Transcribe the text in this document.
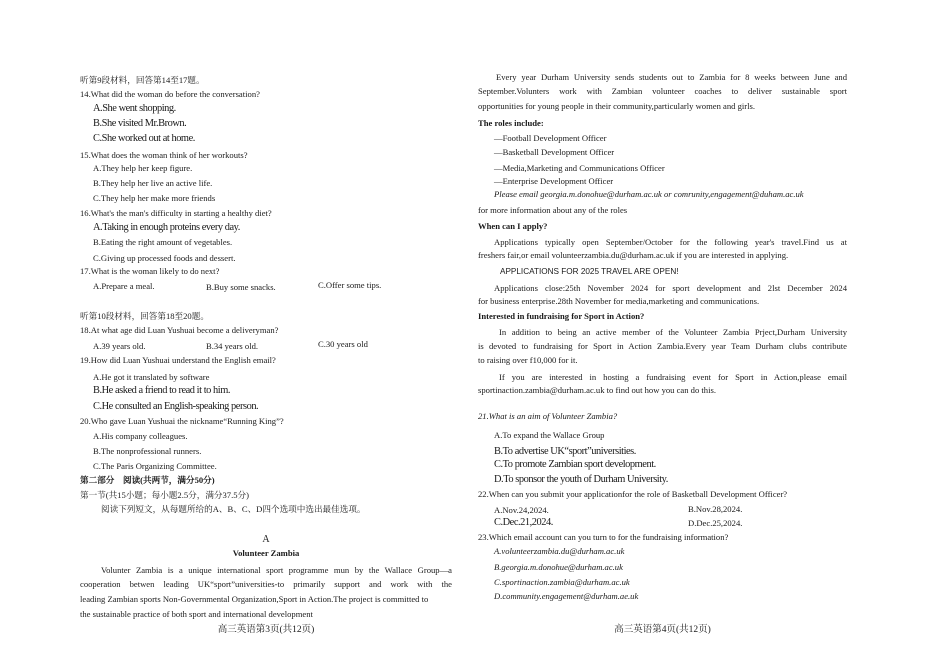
听第9段材料，回答第14至17题。
14.What did the woman do before the conversation?
A.She went shopping.
B.She visited Mr.Brown.
C.She worked out at home.
15.What does the woman think of her workouts?
A.They help her keep figure.
B.They help her live an active life.
C.They help her make more friends
16.What's the man's difficulty in starting a healthy diet?
A.Taking in enough proteins every day.
B.Eating the right amount of vegetables.
C.Giving up processed foods and dessert.
17.What is the woman likely to do next?
A.Prepare a meal.	B.Buy some snacks.	C.Offer some tips.
听第10段材料，回答第18至20题。
18.At what age did Luan Yushuai become a deliveryman?
A.39 years old.	B.34 years old.	C.30 years old
19.How did Luan Yushuai understand the English email?
A.He got it translated by software
B.He asked a friend to read it to him.
C.He consulted an English-speaking person.
20.Who gave Luan Yushuai the nickname“Running King”?
A.His company colleagues.
B.The nonprofessional runners.
C.The Paris Organizing Committee.
第二部分　阅读(共两节，满分50分)
第一节(共15小题；每小题2.5分，满分37.5分)
阅读下列短文，从每题所给的A、B、C、D四个选项中选出最佳选项。
A
Volunteer Zambia
Volunter Zambia is a unique international sport programme mun by the Wallace Group—a
cooperation betwen leading UK“sport”universities-to primarily support and work with the
leading Zambian sports Non-Governmental Organization,Sport in Action.The project is committed to
the sustainable practice of both sport and international development
高三英语第3页(共12页)
Every year Durham University sends students out to Zambia for 8 weeks between June and
September.Volunters work with Zambian volunteer coaches to deliver sustainable sport
opportunities for young people in their community,particularly women and girls.
The roles include:
—Football Development Officer
—Basketball Development Officer
—Media,Marketing and Communications Officer
—Enterprise Development Officer
Please email georgia.m.donohue@durham.ac.uk or comrunity,engagement@duham.ac.uk
for more information about any of the roles
When can I apply?
Applications typically open September/October for the following year's travel.Find us at
freshers fair,or email volunteerzambia.du@durham.ac.uk if you are interested in applying.
APPLICATIONS FOR 2025 TRAVEL ARE OPEN!
Applications close:25th November 2024 for sport development and 2lst December 2024
for business enterprise.28th November for media,marketing and communications.
Interested in fundraising for Sport in Action?
In addition to being an active member of the Volunteer Zambia Prject,Durham University
is devoted to fundraising for Sport in Action Zambia.Every year Team Durham clubs contribute
to raising over f10,000 for it.
If you are interested in hosting a fundraising event for Sport in Action,please email
sportinaction.zambia@durham.ac.uk to find out how you can do this.
21.What is an aim of Volunteer Zambia?
A.To expand the Wallace Group
B.To advertise UK“sport”universities.
C.To promote Zambian sport development.
D.To sponsor the youth of Durham University.
22.When can you submit your applicationfor the role of Basketball Development Officer?
A.Nov.24,2024.	B.Nov.28,2024.
C.Dec.21,2024.	D.Dec.25,2024.
23.Which email account can you turn to for the fundraising information?
A.volunteerzambia.du@durham.ac.uk
B.georgia.m.donohue@durham.ac.uk
C.sportinaction.zambia@durham.ac.uk
D.community.engagement@durham.ae.uk
高三英语第4页(共12页)
